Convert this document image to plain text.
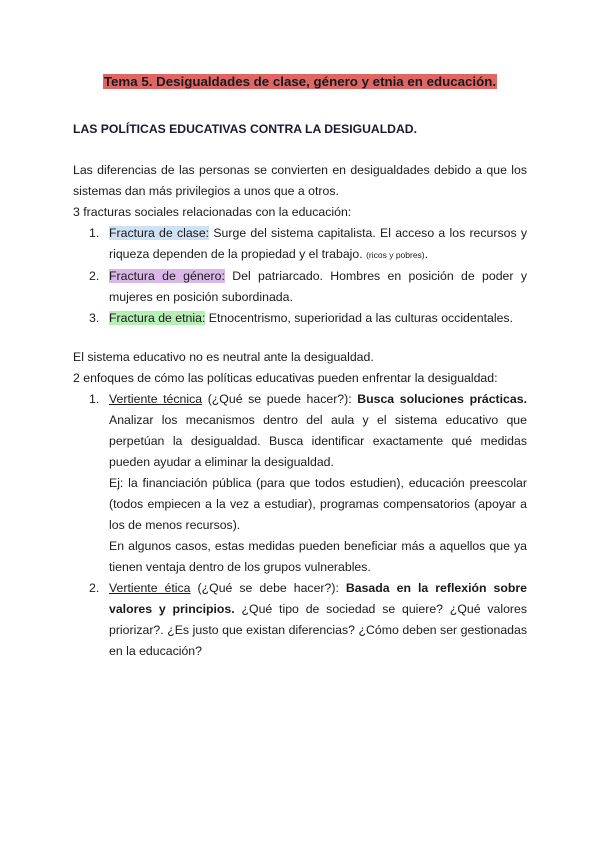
Tema 5. Desigualdades de clase, género y etnia en educación.
LAS POLÍTICAS EDUCATIVAS CONTRA LA DESIGUALDAD.

Las diferencias de las personas se convierten en desigualdades debido a que los sistemas dan más privilegios a unos que a otros.

3 fracturas sociales relacionadas con la educación:

1. Fractura de clase: Surge del sistema capitalista. El acceso a los recursos y riqueza dependen de la propiedad y el trabajo. (ricos y pobres).
2. Fractura de género: Del patriarcado. Hombres en posición de poder y mujeres en posición subordinada.
3. Fractura de etnia: Etnocentrismo, superioridad a las culturas occidentales.

El sistema educativo no es neutral ante la desigualdad.

2 enfoques de cómo las políticas educativas pueden enfrentar la desigualdad:

1. Vertiente técnica (¿Qué se puede hacer?): Busca soluciones prácticas. Analizar los mecanismos dentro del aula y el sistema educativo que perpetúan la desigualdad. Busca identificar exactamente qué medidas pueden ayudar a eliminar la desigualdad.

Ej: la financiación pública (para que todos estudien), educación preescolar (todos empiecen a la vez a estudiar), programas compensatorios (apoyar a los de menos recursos).

En algunos casos, estas medidas pueden beneficiar más a aquellos que ya tienen ventaja dentro de los grupos vulnerables.

2. Vertiente ética (¿Qué se debe hacer?): Basada en la reflexión sobre valores y principios. ¿Qué tipo de sociedad se quiere? ¿Qué valores priorizar?. ¿Es justo que existan diferencias? ¿Cómo deben ser gestionadas en la educación?
